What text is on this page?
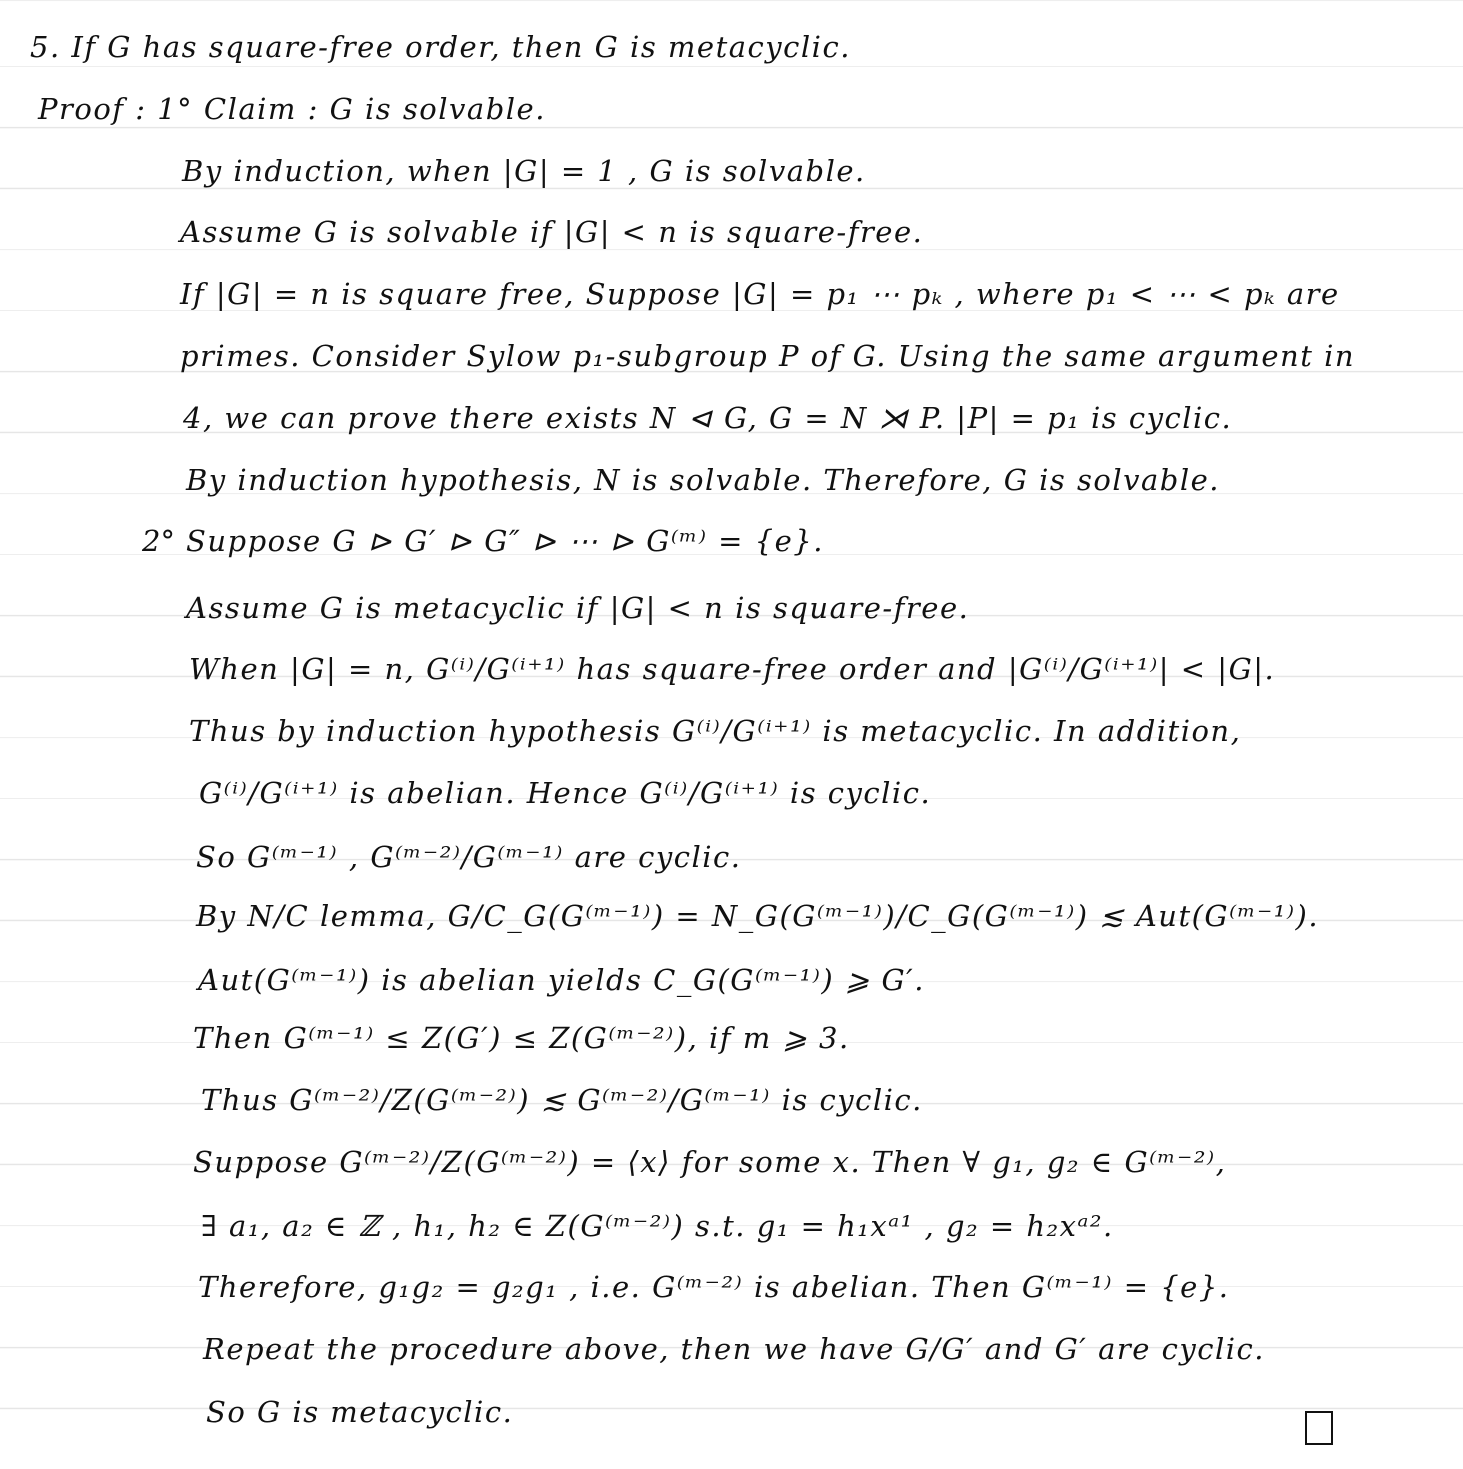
5. If G has square-free order, then G is metacyclic.
Proof : 1° Claim : G is solvable.
By induction, when |G| = 1 , G is solvable.
Assume G is solvable if |G| < n is square-free.
If |G| = n is square free, Suppose |G| = p₁ ⋯ pₖ , where p₁ < ⋯ < pₖ are
primes. Consider Sylow p₁-subgroup P of G. Using the same argument in
4, we can prove there exists N ⊲ G, G = N ⋊ P. |P| = p₁ is cyclic.
By induction hypothesis, N is solvable. Therefore, G is solvable.
2° Suppose G ⊳ G′ ⊳ G″ ⊳ ⋯ ⊳ G⁽ᵐ⁾ = {e}.
Assume G is metacyclic if |G| < n is square-free.
When |G| = n, G⁽ⁱ⁾/G⁽ⁱ⁺¹⁾ has square-free order and |G⁽ⁱ⁾/G⁽ⁱ⁺¹⁾| < |G|.
Thus by induction hypothesis G⁽ⁱ⁾/G⁽ⁱ⁺¹⁾ is metacyclic. In addition,
G⁽ⁱ⁾/G⁽ⁱ⁺¹⁾ is abelian. Hence G⁽ⁱ⁾/G⁽ⁱ⁺¹⁾ is cyclic.
So G⁽ᵐ⁻¹⁾ , G⁽ᵐ⁻²⁾/G⁽ᵐ⁻¹⁾ are cyclic.
By N/C lemma, G/C_G(G⁽ᵐ⁻¹⁾) = N_G(G⁽ᵐ⁻¹⁾)/C_G(G⁽ᵐ⁻¹⁾) ≲ Aut(G⁽ᵐ⁻¹⁾).
Aut(G⁽ᵐ⁻¹⁾) is abelian yields C_G(G⁽ᵐ⁻¹⁾) ⩾ G′.
Then G⁽ᵐ⁻¹⁾ ≤ Z(G′) ≤ Z(G⁽ᵐ⁻²⁾), if m ⩾ 3.
Thus G⁽ᵐ⁻²⁾/Z(G⁽ᵐ⁻²⁾) ≲ G⁽ᵐ⁻²⁾/G⁽ᵐ⁻¹⁾ is cyclic.
Suppose G⁽ᵐ⁻²⁾/Z(G⁽ᵐ⁻²⁾) = ⟨x⟩ for some x. Then ∀ g₁, g₂ ∈ G⁽ᵐ⁻²⁾,
∃ a₁, a₂ ∈ ℤ , h₁, h₂ ∈ Z(G⁽ᵐ⁻²⁾) s.t. g₁ = h₁xᵃ¹ , g₂ = h₂xᵃ².
Therefore, g₁g₂ = g₂g₁ , i.e. G⁽ᵐ⁻²⁾ is abelian. Then G⁽ᵐ⁻¹⁾ = {e}.
Repeat the procedure above, then we have G/G′ and G′ are cyclic.
So G is metacyclic.
